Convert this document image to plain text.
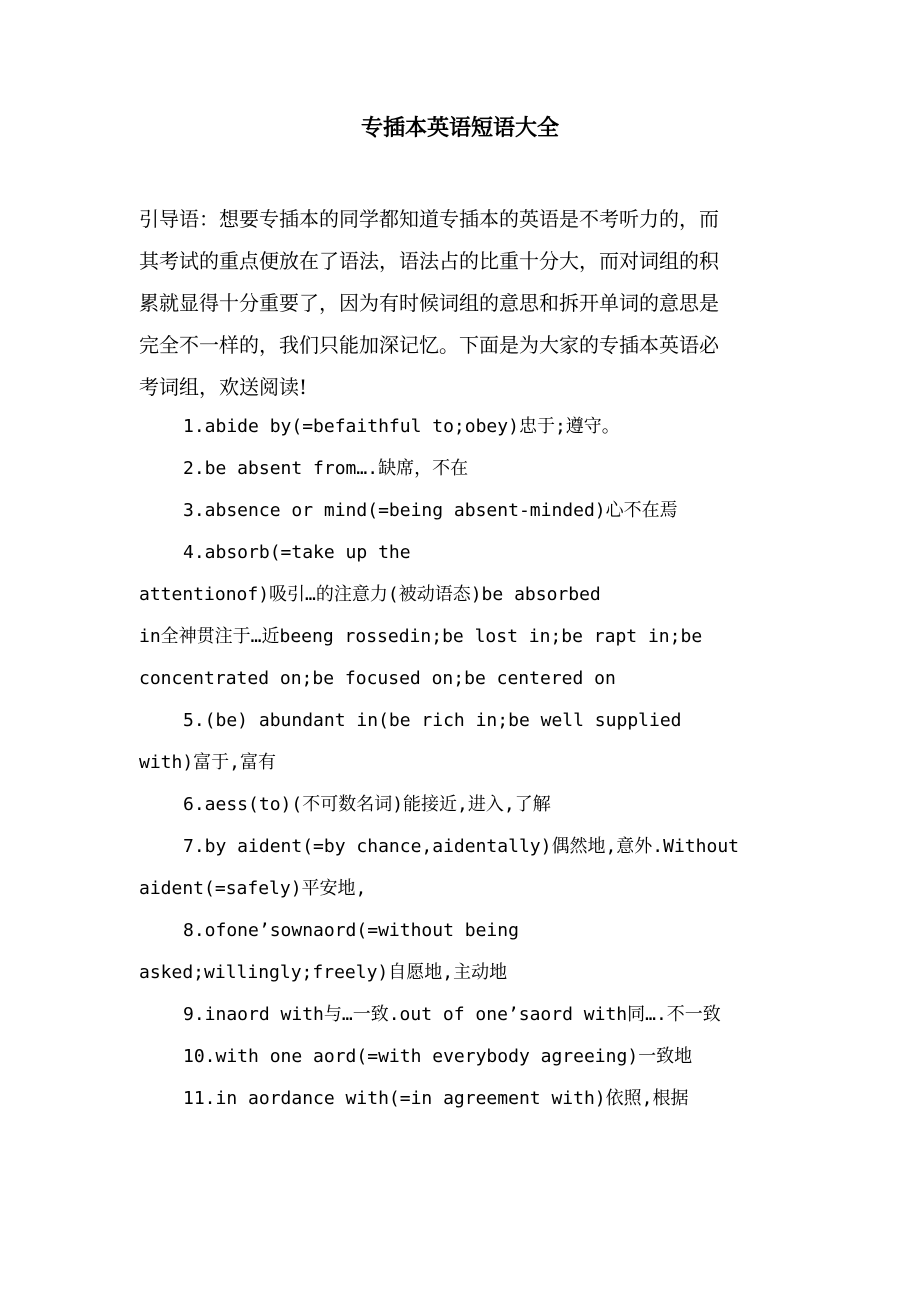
专插本英语短语大全
引导语：想要专插本的同学都知道专插本的英语是不考听力的，而
其考试的重点便放在了语法，语法占的比重十分大，而对词组的积
累就显得十分重要了，因为有时候词组的意思和拆开单词的意思是
完全不一样的，我们只能加深记忆。下面是为大家的专插本英语必
考词组，欢送阅读!
1.abide by(=befaithful to;obey)忠于;遵守。
2.be absent from….缺席，不在
3.absence or mind(=being absent-minded)心不在焉
4.absorb(=take up the
attentionof)吸引…的注意力(被动语态)be absorbed
in全神贯注于…近beeng rossedin;be lost in;be rapt in;be
concentrated on;be focused on;be centered on
5.(be) abundant in(be rich in;be well supplied
with)富于,富有
6.aess(to)(不可数名词)能接近,进入,了解
7.by aident(=by chance,aidentally)偶然地,意外.Without
aident(=safely)平安地,
8.ofone’sownaord(=without being
asked;willingly;freely)自愿地,主动地
9.inaord with与…一致.out of one’saord with同….不一致
10.with one aord(=with everybody agreeing)一致地
11.in aordance with(=in agreement with)依照,根据
